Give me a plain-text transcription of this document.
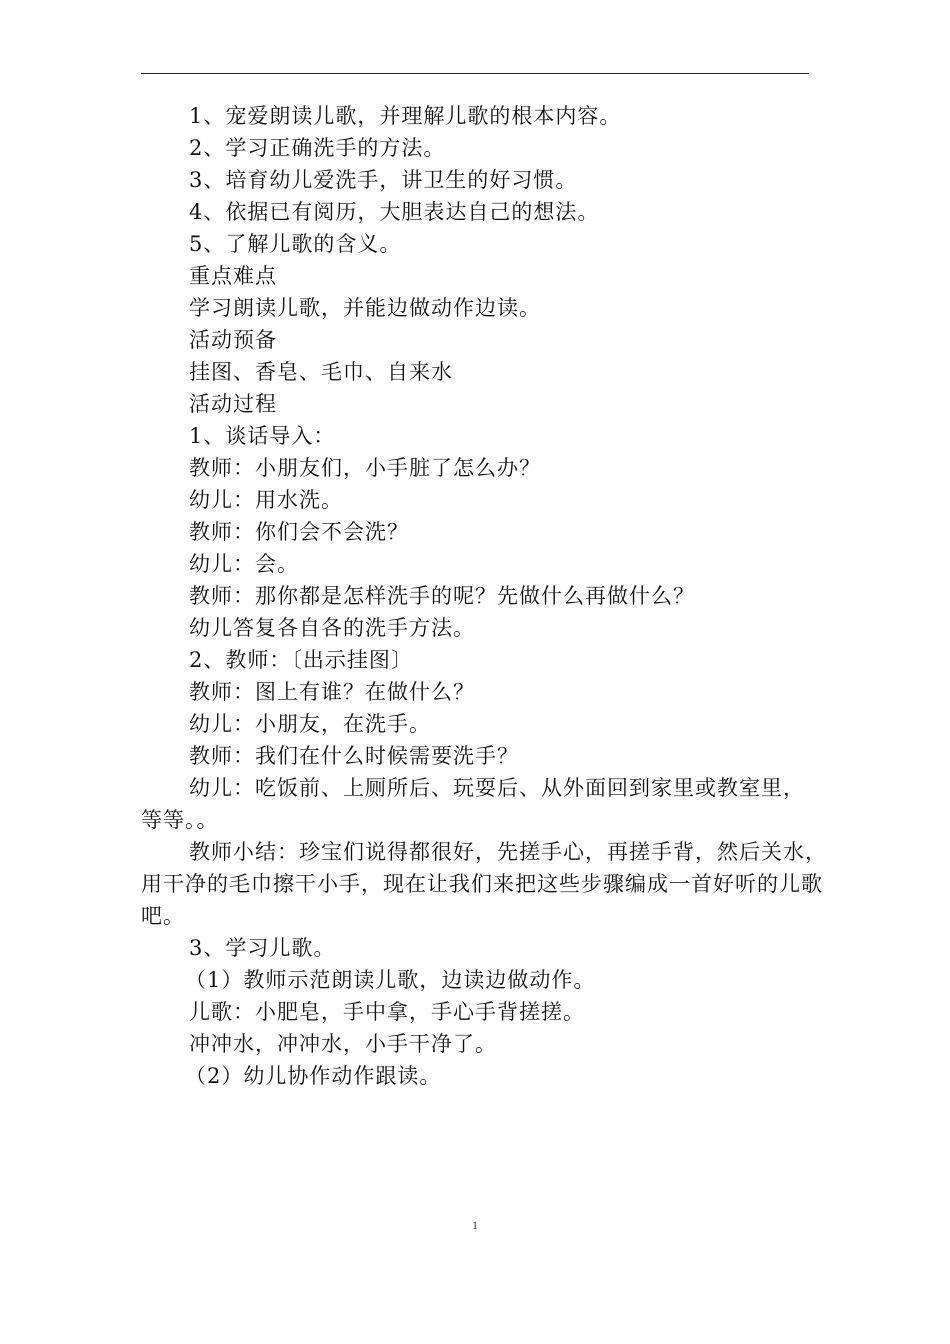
1、宠爱朗读儿歌，并理解儿歌的根本内容。
2、学习正确洗手的方法。
3、培育幼儿爱洗手，讲卫生的好习惯。
4、依据已有阅历，大胆表达自己的想法。
5、了解儿歌的含义。
重点难点
学习朗读儿歌，并能边做动作边读。
活动预备
挂图、香皂、毛巾、自来水
活动过程
1、谈话导入：
教师：小朋友们，小手脏了怎么办？
幼儿：用水洗。
教师：你们会不会洗？
幼儿：会。
教师：那你都是怎样洗手的呢？先做什么再做什么？
幼儿答复各自各的洗手方法。
2、教师：〔出示挂图〕
教师：图上有谁？在做什么？
幼儿：小朋友，在洗手。
教师：我们在什么时候需要洗手？
幼儿：吃饭前、上厕所后、玩耍后、从外面回到家里或教室里，
等等。。
教师小结：珍宝们说得都很好，先搓手心，再搓手背，然后关水，
用干净的毛巾擦干小手，现在让我们来把这些步骤编成一首好听的儿歌
吧。
3、学习儿歌。
（1）教师示范朗读儿歌，边读边做动作。
儿歌：小肥皂，手中拿，手心手背搓搓。
冲冲水，冲冲水，小手干净了。
（2）幼儿协作动作跟读。
1
